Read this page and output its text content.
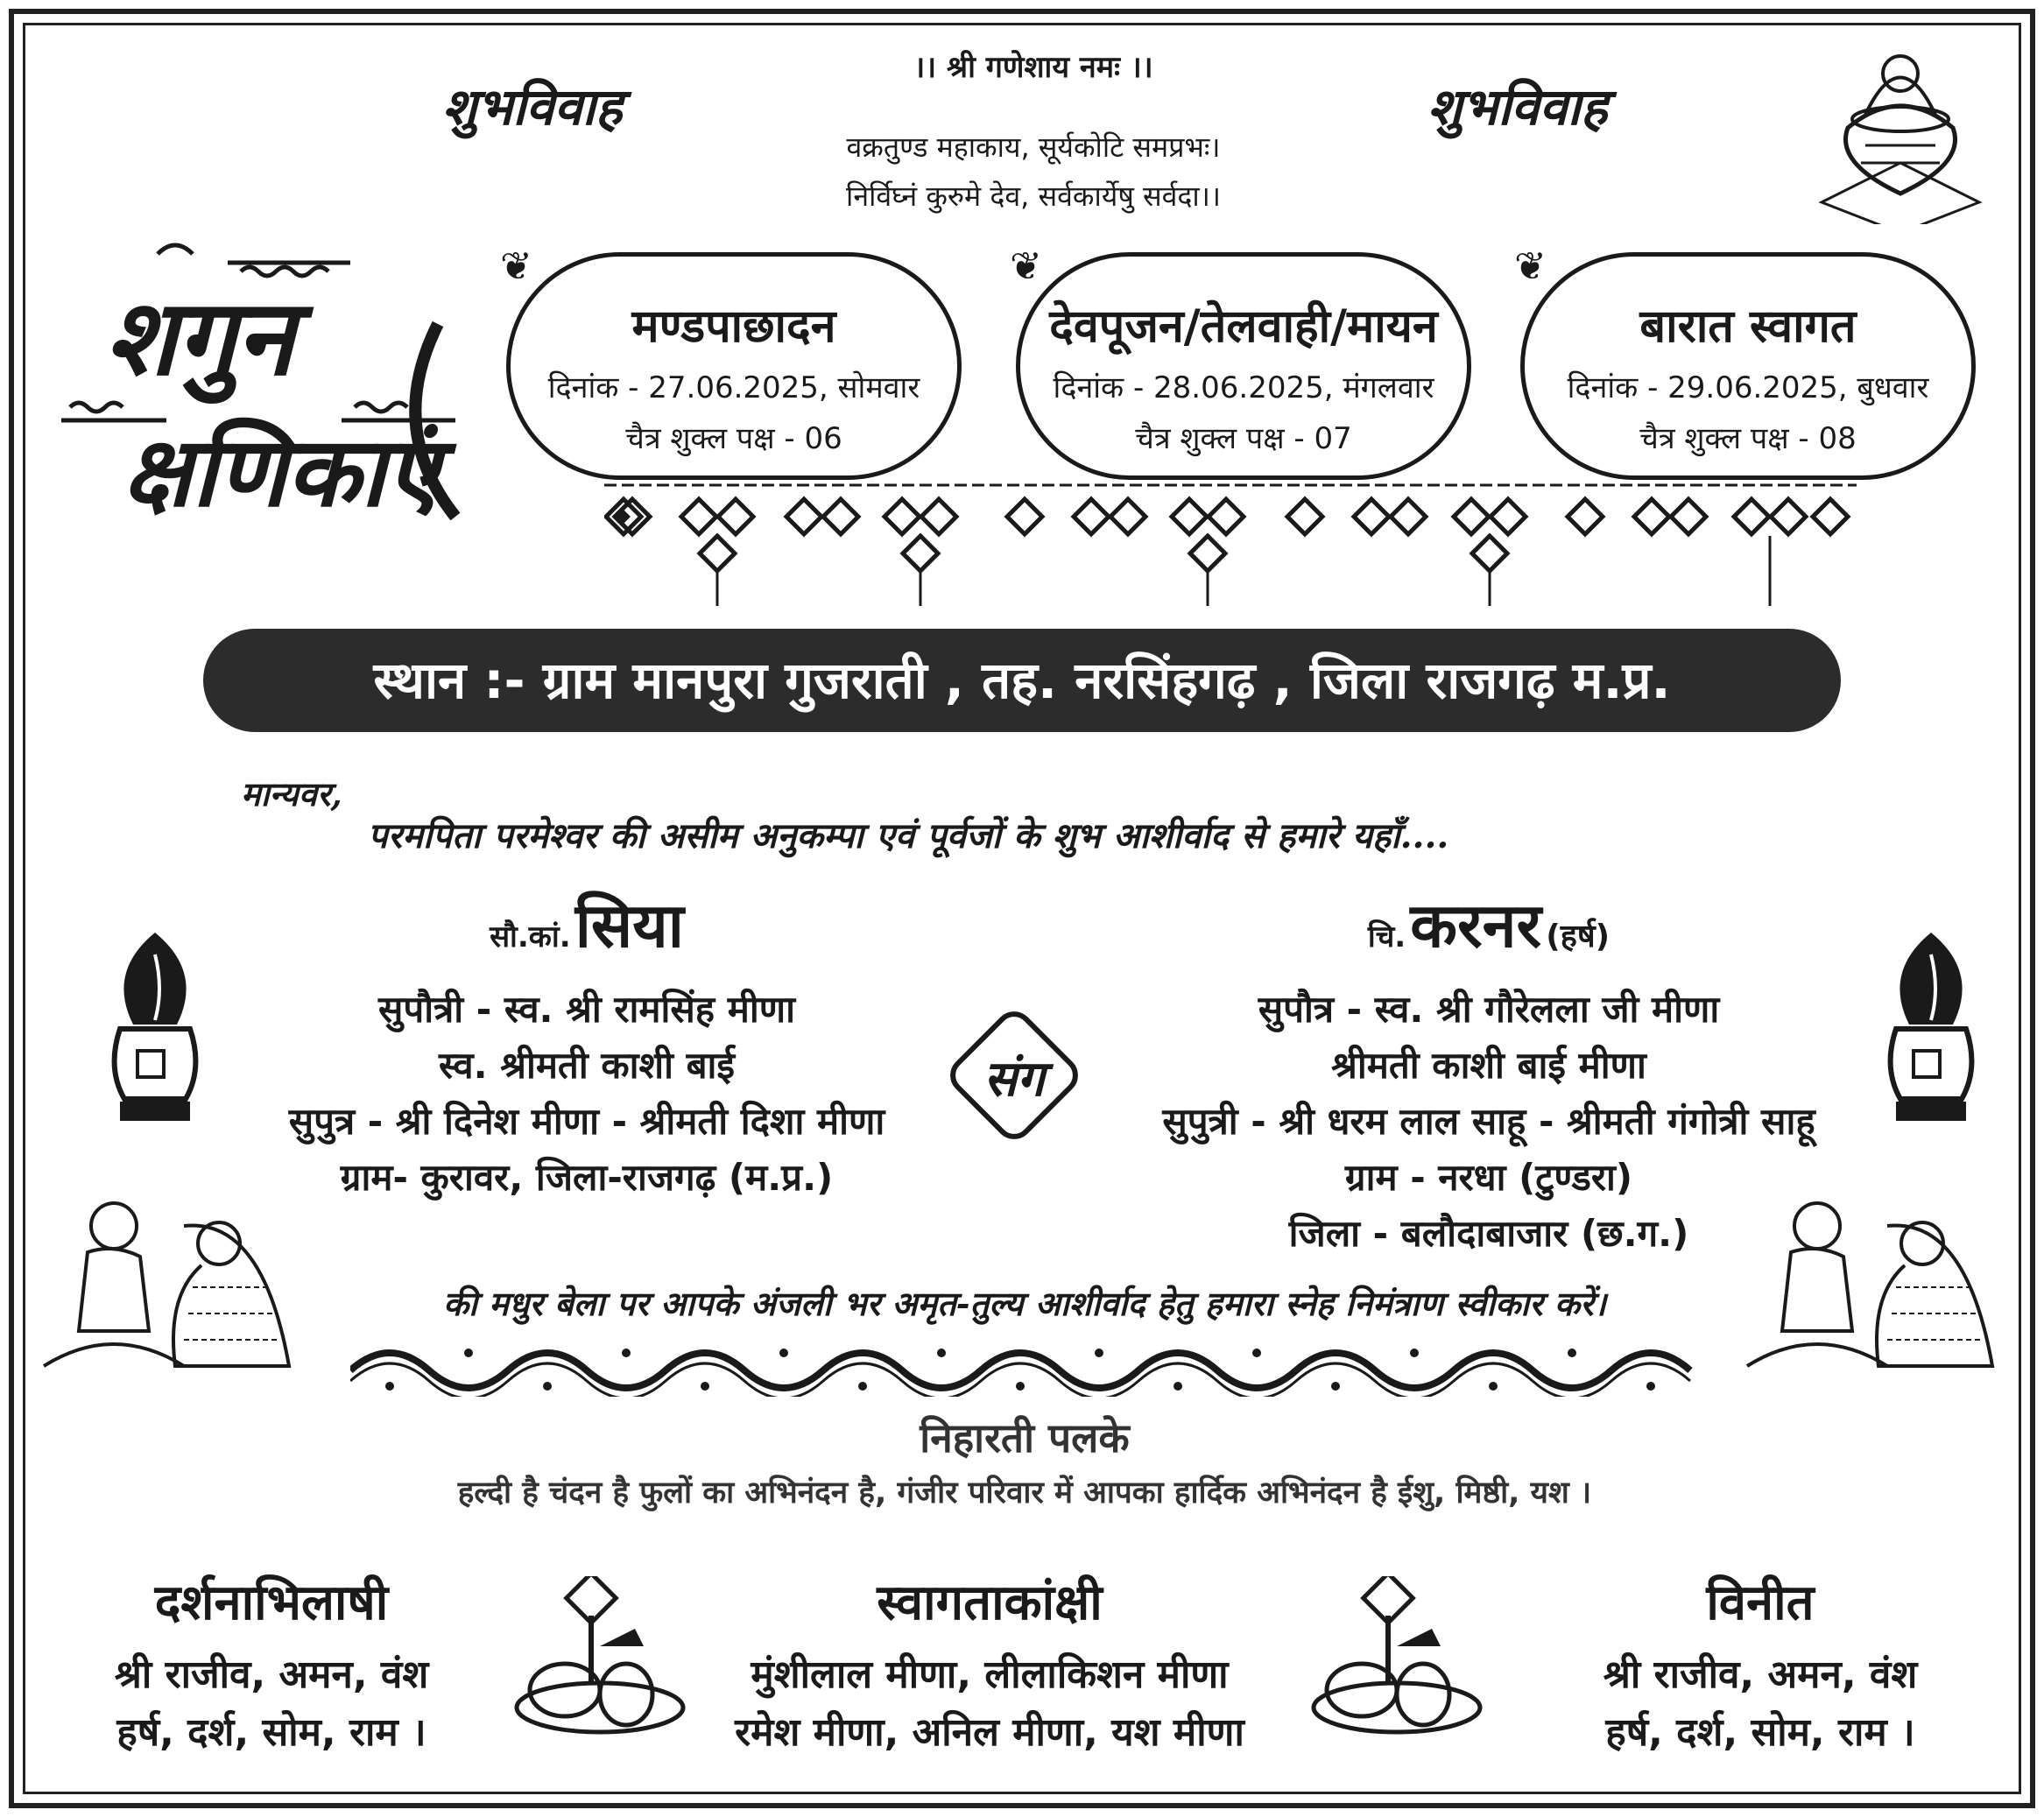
।। श्री गणेशाय नमः ।।
वक्रतुण्ड महाकाय, सूर्यकोटि समप्रभः।
निर्विघ्नं कुरुमे देव, सर्वकार्येषु सर्वदा।।
शुभविवाह	शुभविवाह
शगुन
क्षणिकाएं
❦
मण्डपाछादन
दिनांक - 27.06.2025, सोमवार
चैत्र शुक्ल पक्ष - 06
❦
देवपूजन/तेलवाही/मायन
दिनांक - 28.06.2025, मंगलवार
चैत्र शुक्ल पक्ष - 07
❦
बारात स्वागत
दिनांक - 29.06.2025, बुधवार
चैत्र शुक्ल पक्ष - 08
स्थान :- ग्राम मानपुरा गुजराती , तह. नरसिंहगढ़ , जिला राजगढ़ म.प्र.
मान्यवर,
परमपिता परमेश्वर की असीम अनुकम्पा एवं पूर्वजों के शुभ आशीर्वाद से हमारे यहाँ....
सौ.कां. सिया
सुपौत्री - स्व. श्री रामसिंह मीणा
स्व. श्रीमती काशी बाई
सुपुत्र - श्री दिनेश मीणा - श्रीमती दिशा मीणा
ग्राम- कुरावर, जिला-राजगढ़ (म.प्र.)
चि. करनर (हर्ष)
सुपौत्र - स्व. श्री गौरेलला जी मीणा
श्रीमती काशी बाई मीणा
सुपुत्री - श्री धरम लाल साहू - श्रीमती गंगोत्री साहू
ग्राम - नरधा (टुण्डरा)
जिला - बलौदाबाजार (छ.ग.)
संग
की मधुर बेला पर आपके अंजली भर अमृत-तुल्य आशीर्वाद हेतु हमारा स्नेह निमंत्राण स्वीकार करें।
निहारती पलके
हल्दी है चंदन है फुलों का अभिनंदन है, गंजीर परिवार में आपका हार्दिक अभिनंदन है ईशु, मिष्ठी, यश ।
दर्शनाभिलाषी
श्री राजीव, अमन, वंश
हर्ष, दर्श, सोम, राम ।
स्वागताकांक्षी
मुंशीलाल मीणा, लीलाकिशन मीणा
रमेश मीणा, अनिल मीणा, यश मीणा
विनीत
श्री राजीव, अमन, वंश
हर्ष, दर्श, सोम, राम ।
